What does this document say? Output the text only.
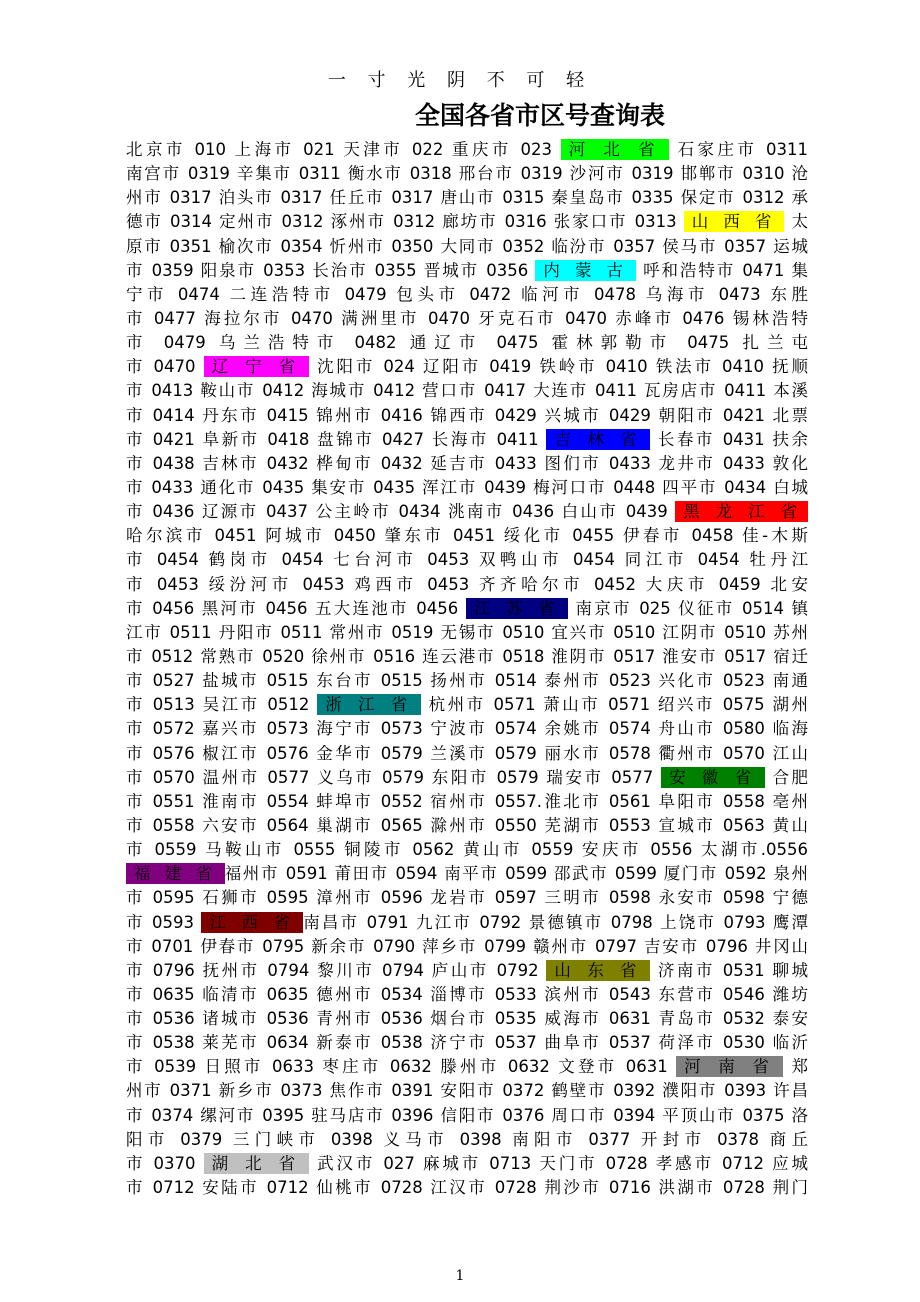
一 寸 光 阴 不 可 轻
全国各省市区号查询表
北京市 010 上海市 021 天津市 022 重庆市 023 河 北 省 石家庄市 0311
南宫市 0319 辛集市 0311 衡水市 0318 邢台市 0319 沙河市 0319 邯郸市 0310 沧
州市 0317 泊头市 0317 任丘市 0317 唐山市 0315 秦皇岛市 0335 保定市 0312 承
德市 0314 定州市 0312 涿州市 0312 廊坊市 0316 张家口市 0313 山 西 省 太
原市 0351 榆次市 0354 忻州市 0350 大同市 0352 临汾市 0357 侯马市 0357 运城
市 0359 阳泉市 0353 长治市 0355 晋城市 0356 内 蒙 古 呼和浩特市 0471 集
宁市 0474 二连浩特市 0479 包头市 0472 临河市 0478 乌海市 0473 东胜
市 0477 海拉尔市 0470 满洲里市 0470 牙克石市 0470 赤峰市 0476 锡林浩特
市 0479 乌兰浩特市 0482 通辽市 0475 霍林郭勒市 0475 扎兰屯
市 0470 辽 宁 省 沈阳市 024 辽阳市 0419 铁岭市 0410 铁法市 0410 抚顺
市 0413 鞍山市 0412 海城市 0412 营口市 0417 大连市 0411 瓦房店市 0411 本溪
市 0414 丹东市 0415 锦州市 0416 锦西市 0429 兴城市 0429 朝阳市 0421 北票
市 0421 阜新市 0418 盘锦市 0427 长海市 0411 吉 林 省 长春市 0431 扶余
市 0438 吉林市 0432 桦甸市 0432 延吉市 0433 图们市 0433 龙井市 0433 敦化
市 0433 通化市 0435 集安市 0435 浑江市 0439 梅河口市 0448 四平市 0434 白城
市 0436 辽源市 0437 公主岭市 0434 洮南市 0436 白山市 0439 黑 龙 江 省
哈尔滨市 0451 阿城市 0450 肇东市 0451 绥化市 0455 伊春市 0458 佳-木斯
市 0454 鹤岗市 0454 七台河市 0453 双鸭山市 0454 同江市 0454 牡丹江
市 0453 绥汾河市 0453 鸡西市 0453 齐齐哈尔市 0452 大庆市 0459 北安
市 0456 黑河市 0456 五大连池市 0456 江 苏 省 南京市 025 仪征市 0514 镇
江市 0511 丹阳市 0511 常州市 0519 无锡市 0510 宜兴市 0510 江阴市 0510 苏州
市 0512 常熟市 0520 徐州市 0516 连云港市 0518 淮阴市 0517 淮安市 0517 宿迁
市 0527 盐城市 0515 东台市 0515 扬州市 0514 泰州市 0523 兴化市 0523 南通
市 0513 吴江市 0512 浙 江 省 杭州市 0571 萧山市 0571 绍兴市 0575 湖州
市 0572 嘉兴市 0573 海宁市 0573 宁波市 0574 余姚市 0574 舟山市 0580 临海
市 0576 椒江市 0576 金华市 0579 兰溪市 0579 丽水市 0578 衢州市 0570 江山
市 0570 温州市 0577 义乌市 0579 东阳市 0579 瑞安市 0577 安 徽 省 合肥
市 0551 淮南市 0554 蚌埠市 0552 宿州市 0557.淮北市 0561 阜阳市 0558 亳州
市 0558 六安市 0564 巢湖市 0565 滁州市 0550 芜湖市 0553 宣城市 0563 黄山
市 0559 马鞍山市 0555 铜陵市 0562 黄山市 0559 安庆市 0556 太湖市.0556
福 建 省 福州市 0591 莆田市 0594 南平市 0599 邵武市 0599 厦门市 0592 泉州
市 0595 石狮市 0595 漳州市 0596 龙岩市 0597 三明市 0598 永安市 0598 宁德
市 0593 江 西 省 南昌市 0791 九江市 0792 景德镇市 0798 上饶市 0793 鹰潭
市 0701 伊春市 0795 新余市 0790 萍乡市 0799 赣州市 0797 吉安市 0796 井冈山
市 0796 抚州市 0794 黎川市 0794 庐山市 0792 山 东 省 济南市 0531 聊城
市 0635 临清市 0635 德州市 0534 淄博市 0533 滨州市 0543 东营市 0546 潍坊
市 0536 诸城市 0536 青州市 0536 烟台市 0535 威海市 0631 青岛市 0532 泰安
市 0538 莱芜市 0634 新泰市 0538 济宁市 0537 曲阜市 0537 荷泽市 0530 临沂
市 0539 日照市 0633 枣庄市 0632 滕州市 0632 文登市 0631 河 南 省 郑
州市 0371 新乡市 0373 焦作市 0391 安阳市 0372 鹤壁市 0392 濮阳市 0393 许昌
市 0374 缧河市 0395 驻马店市 0396 信阳市 0376 周口市 0394 平顶山市 0375 洛
阳市 0379 三门峡市 0398 义马市 0398 南阳市 0377 开封市 0378 商丘
市 0370 湖 北 省 武汉市 027 麻城市 0713 天门市 0728 孝感市 0712 应城
市 0712 安陆市 0712 仙桃市 0728 江汉市 0728 荆沙市 0716 洪湖市 0728 荆门
1
